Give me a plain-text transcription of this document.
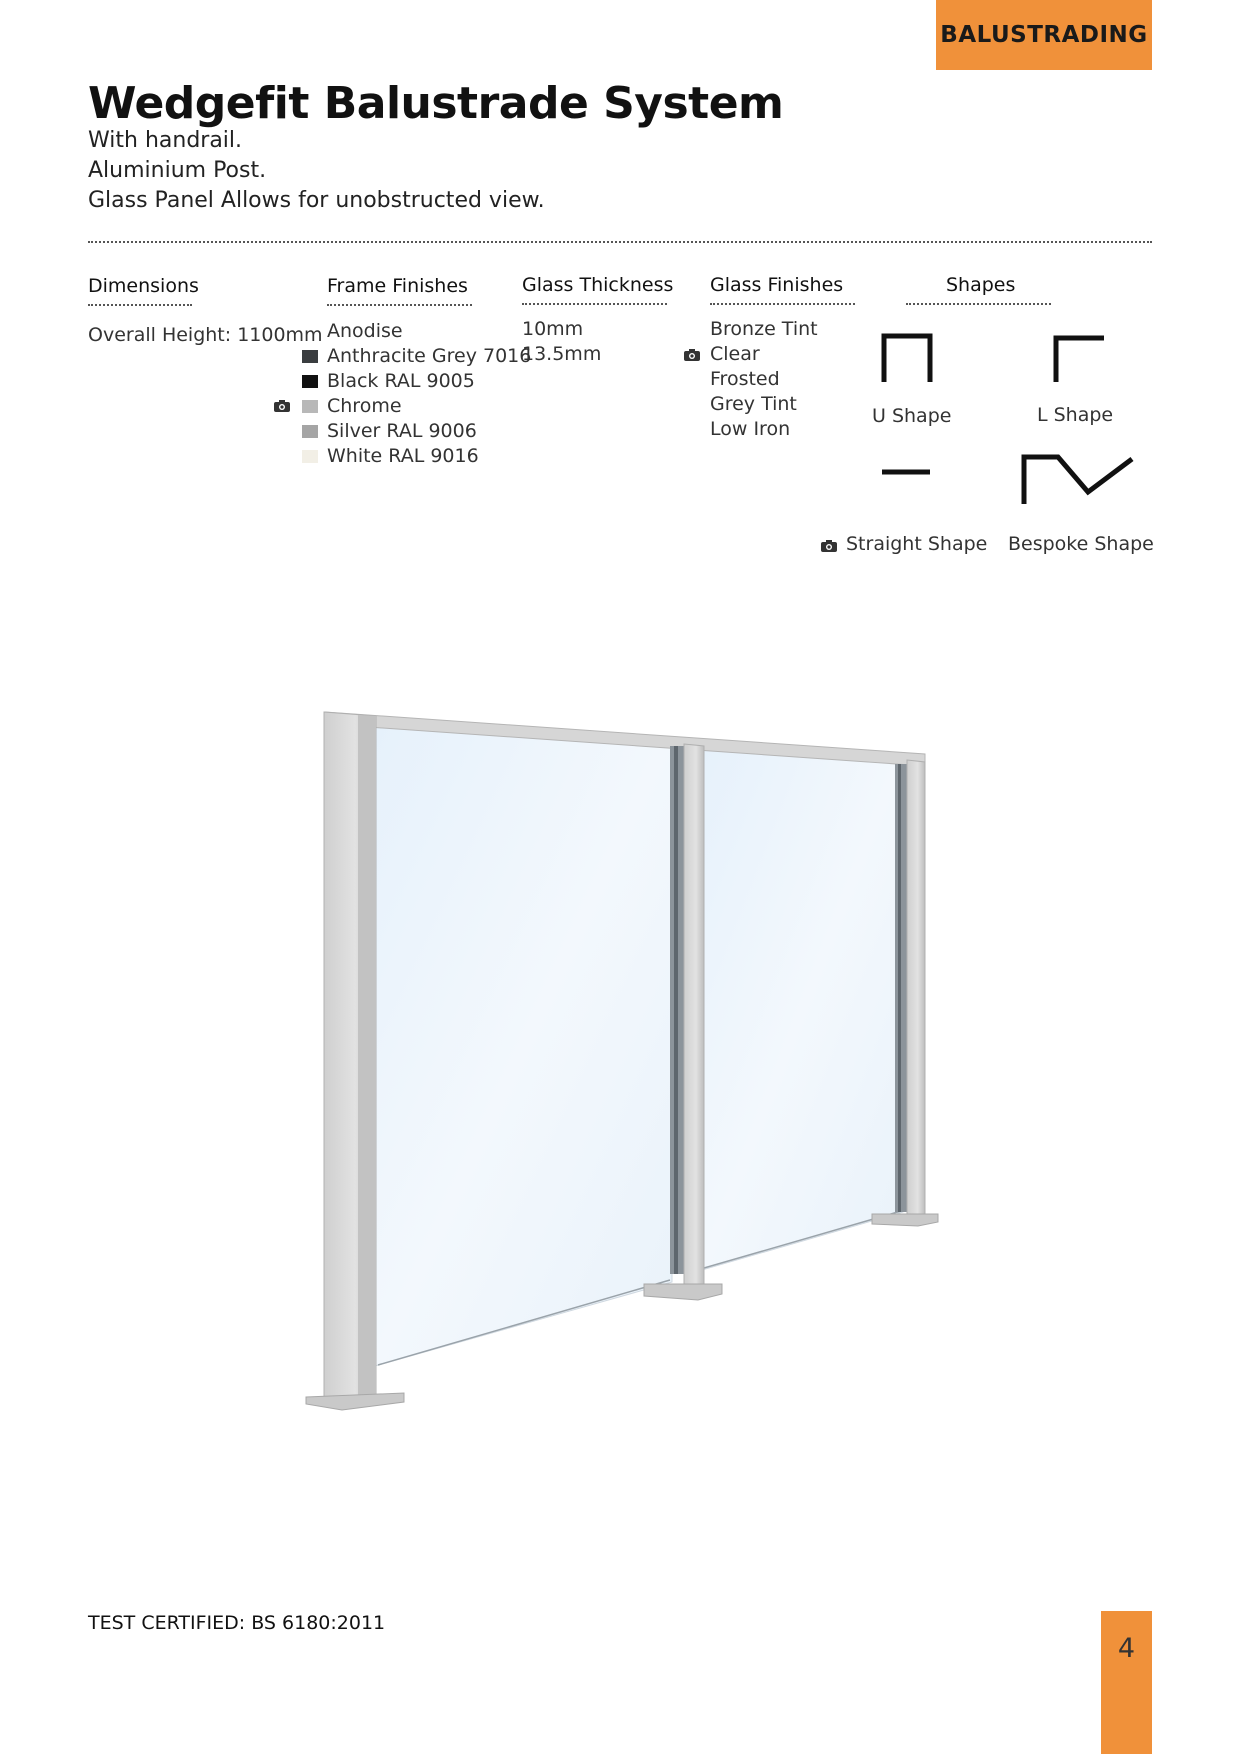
BALUSTRADING
Wedgefit Balustrade System
With handrail.
Aluminium Post.
Glass Panel Allows for unobstructed view.
Dimensions
Overall Height: 1100mm
Frame Finishes
Anodise
Anthracite Grey 7016
Black RAL 9005
Chrome
Silver RAL 9006
White RAL 9016
Glass Thickness
10mm
13.5mm
Glass Finishes
Bronze Tint
Clear
Frosted
Grey Tint
Low Iron
Shapes
U Shape	L Shape
Straight Shape Bespoke Shape
TEST CERTIFIED: BS 6180:2011
4
